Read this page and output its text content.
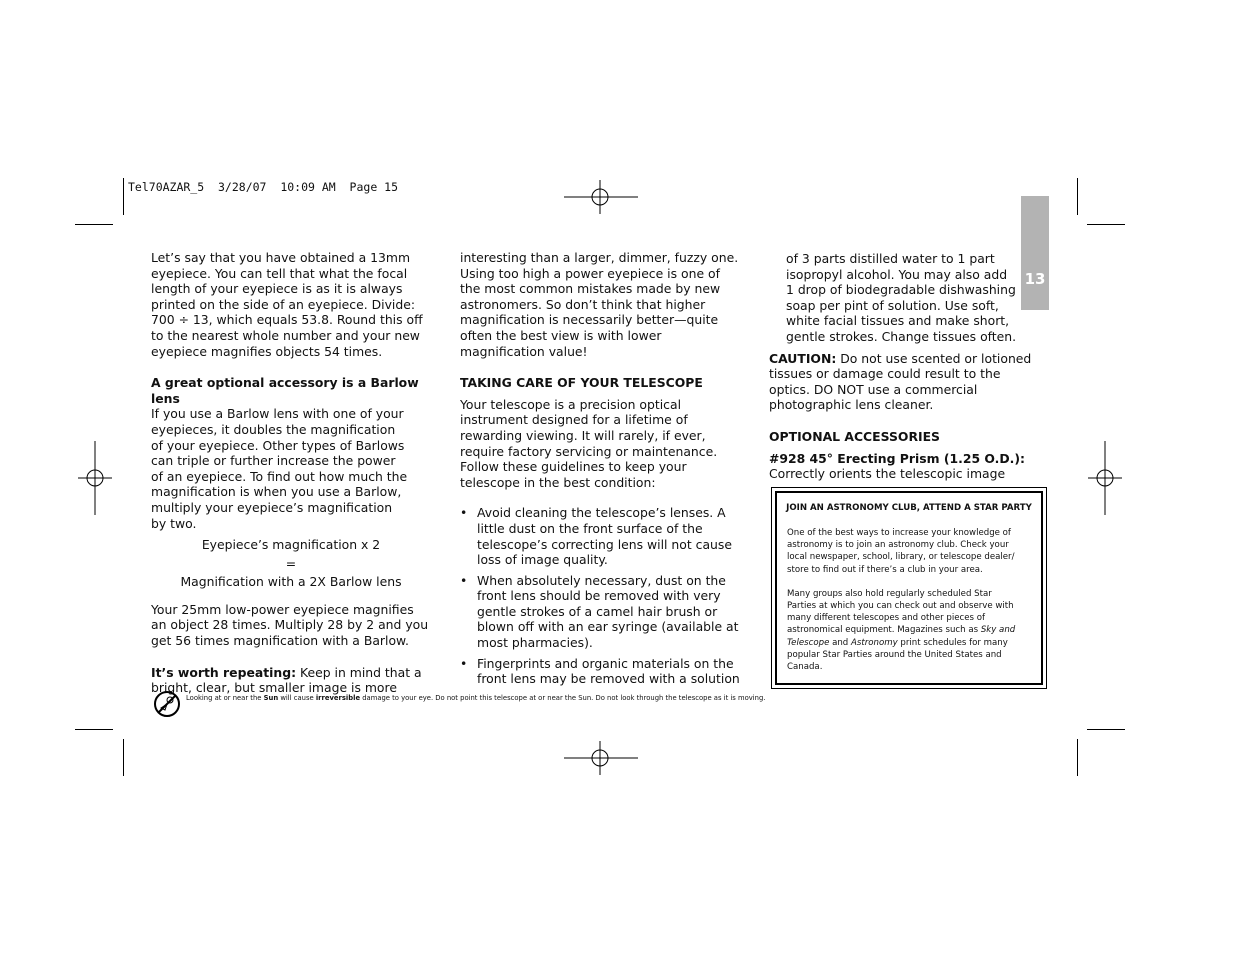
Tel70AZAR_5  3/28/07  10:09 AM  Page 15
13

Let’s say that you have obtained a 13mm
eyepiece. You can tell that what the focal
length of your eyepiece is as it is always
printed on the side of an eyepiece. Divide:
700 ÷ 13, which equals 53.8. Round this off
to the nearest whole number and your new
eyepiece magnifies objects 54 times.

A great optional accessory is a Barlow lens

If you use a Barlow lens with one of your
eyepieces, it doubles the magnification
of your eyepiece. Other types of Barlows
can triple or further increase the power
of an eyepiece. To find out how much the
magnification is when you use a Barlow,
multiply your eyepiece’s magnification
by two.

Eyepiece’s magnification x 2

=

Magnification with a 2X Barlow lens

Your 25mm low-power eyepiece magnifies
an object 28 times. Multiply 28 by 2 and you
get 56 times magnification with a Barlow.

It’s worth repeating: Keep in mind that a
bright, clear, but smaller image is more

interesting than a larger, dimmer, fuzzy one.
Using too high a power eyepiece is one of
the most common mistakes made by new
astronomers. So don’t think that higher
magnification is necessarily better—quite
often the best view is with lower
magnification value!

TAKING CARE OF YOUR TELESCOPE

Your telescope is a precision optical
instrument designed for a lifetime of
rewarding viewing. It will rarely, if ever,
require factory servicing or maintenance.
Follow these guidelines to keep your
telescope in the best condition:

• Avoid cleaning the telescope’s lenses. A
little dust on the front surface of the
telescope’s correcting lens will not cause
loss of image quality.
• When absolutely necessary, dust on the
front lens should be removed with very
gentle strokes of a camel hair brush or
blown off with an ear syringe (available at
most pharmacies).
• Fingerprints and organic materials on the
front lens may be removed with a solution

of 3 parts distilled water to 1 part
isopropyl alcohol. You may also add
1 drop of biodegradable dishwashing
soap per pint of solution. Use soft,
white facial tissues and make short,
gentle strokes. Change tissues often.

CAUTION: Do not use scented or lotioned
tissues or damage could result to the
optics. DO NOT use a commercial
photographic lens cleaner.

OPTIONAL ACCESSORIES

#928 45° Erecting Prism (1.25 O.D.):

Correctly orients the telescopic image

JOIN AN ASTRONOMY CLUB, ATTEND A STAR PARTY

One of the best ways to increase your knowledge of
astronomy is to join an astronomy club. Check your
local newspaper, school, library, or telescope dealer/
store to find out if there’s a club in your area.

Many groups also hold regularly scheduled Star
Parties at which you can check out and observe with
many different telescopes and other pieces of
astronomical equipment. Magazines such as Sky and
Telescope and Astronomy print schedules for many
popular Star Parties around the United States and
Canada.

Looking at or near the Sun will cause irreversible damage to your eye. Do not point this telescope at or near the Sun. Do not look through the telescope as it is moving.
